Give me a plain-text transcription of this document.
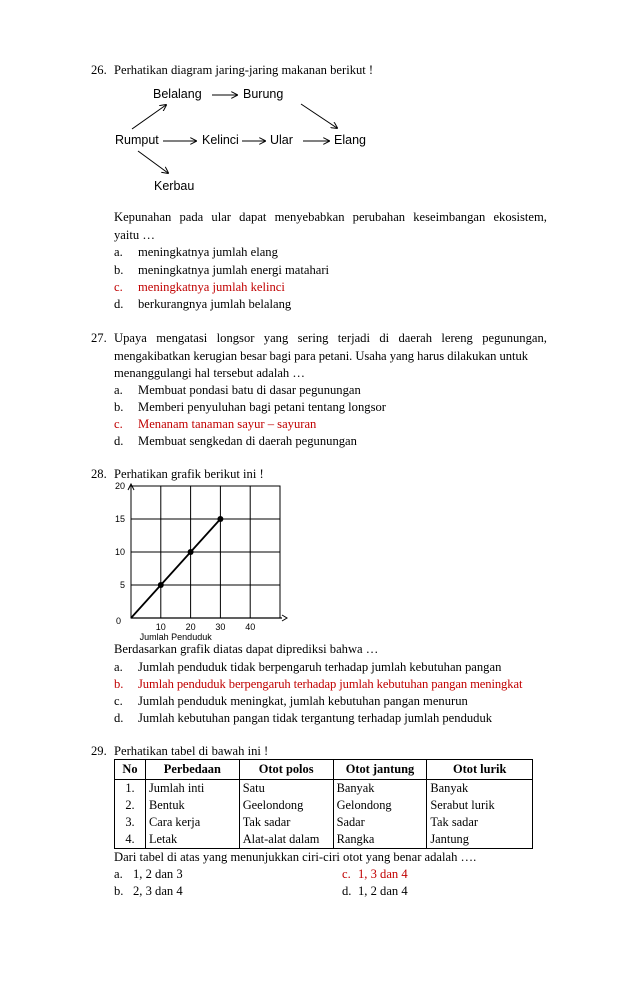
26. Perhatikan diagram jaring-jaring makanan berikut !
Belalang	Burung
Rumput	Kelinci Ular	Elang
Kerbau
Kepunahan pada ular dapat menyebabkan perubahan keseimbangan ekosistem,
yaitu …
a. meningkatnya jumlah elang
b. meningkatnya jumlah energi matahari
c. meningkatnya jumlah kelinci
d. berkurangnya jumlah belalang
27. Upaya mengatasi longsor yang sering terjadi di daerah lereng pegunungan,
mengakibatkan kerugian besar bagi para petani. Usaha yang harus dilakukan untuk
menanggulangi hal tersebut adalah …
a. Membuat pondasi batu di dasar pegunungan
b. Memberi penyuluhan bagi petani tentang longsor
c. Menanam tanaman sayur – sayuran
d. Membuat sengkedan di daerah pegunungan
28. Perhatikan grafik berikut ini !
10 20 30 40
5
10
15
20
0
Jumlah Penduduk
Berdasarkan grafik diatas dapat diprediksi bahwa …
a. Jumlah penduduk tidak berpengaruh terhadap jumlah kebutuhan pangan
b. Jumlah penduduk berpengaruh terhadap jumlah kebutuhan pangan meningkat
c. Jumlah penduduk meningkat, jumlah kebutuhan pangan menurun
d. Jumlah kebutuhan pangan tidak tergantung terhadap jumlah penduduk
29. Perhatikan tabel di bawah ini !
No	Perbedaan	Otot polos	Otot jantung	Otot lurik
1.	Jumlah inti	Satu	Banyak	Banyak
2.	Bentuk	Geelondong	Gelondong	Serabut lurik
3.	Cara kerja	Tak sadar	Sadar	Tak sadar
4.	Letak	Alat-alat dalam	Rangka	Jantung
Dari tabel di atas yang menunjukkan ciri-ciri otot yang benar adalah ….
a. 1, 2 dan 3
b. 2, 3 dan 4
c. 1, 3 dan 4
d. 1, 2 dan 4
